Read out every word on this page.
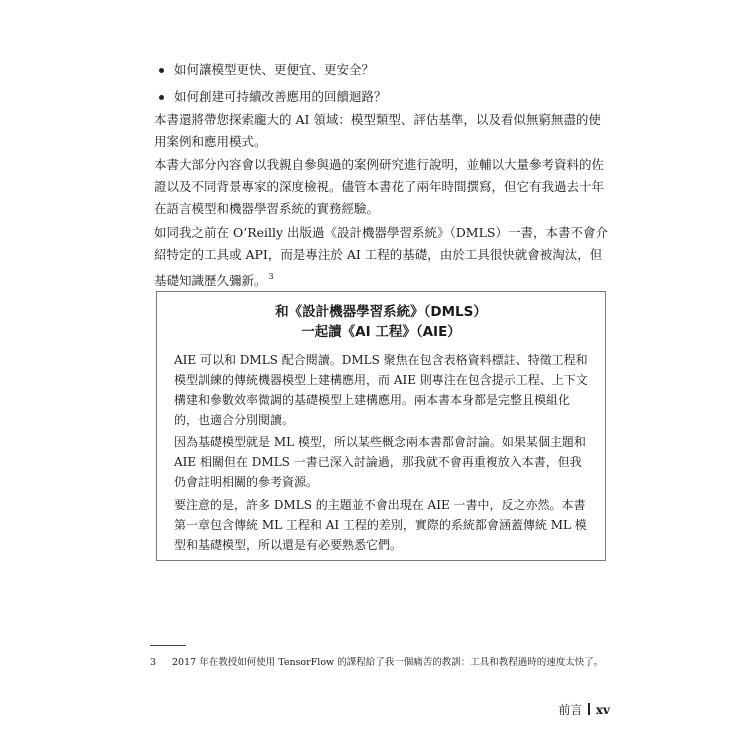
如何讓模型更快、更便宜、更安全？
如何創建可持續改善應用的回饋迴路？

本書還將帶您探索龐大的 AI 領域：模型類型、評估基準，以及看似無窮無盡的使用案例和應用模式。

本書大部分內容會以我親自參與過的案例研究進行說明，並輔以大量參考資料的佐證以及不同背景專家的深度檢視。儘管本書花了兩年時間撰寫，但它有我過去十年在語言模型和機器學習系統的實務經驗。

如同我之前在 O’Reilly 出版過《設計機器學習系統》（DMLS）一書，本書不會介紹特定的工具或 API，而是專注於 AI 工程的基礎，由於工具很快就會被淘汰，但基礎知識歷久彌新。 $^3$

和《設計機器學習系統》（DMLS）
一起讀《AI 工程》（AIE）

AIE 可以和 DMLS 配合閱讀。DMLS 聚焦在包含表格資料標註、特徵工程和模型訓練的傳統機器模型上建構應用，而 AIE 則專注在包含提示工程、上下文構建和參數效率微調的基礎模型上建構應用。兩本書本身都是完整且模組化的，也適合分別閱讀。

因為基礎模型就是 ML 模型，所以某些概念兩本書都會討論。如果某個主題和 AIE 相關但在 DMLS 一書已深入討論過，那我就不會再重複放入本書，但我仍會註明相關的參考資源。

要注意的是，許多 DMLS 的主題並不會出現在 AIE 一書中，反之亦然。本書第一章包含傳統 ML 工程和 AI 工程的差別，實際的系統都會涵蓋傳統 ML 模型和基礎模型，所以還是有必要熟悉它們。

3 2017 年在教授如何使用 TensorFlow 的課程給了我一個痛苦的教訓：工具和教程過時的速度太快了。
前言 xv
